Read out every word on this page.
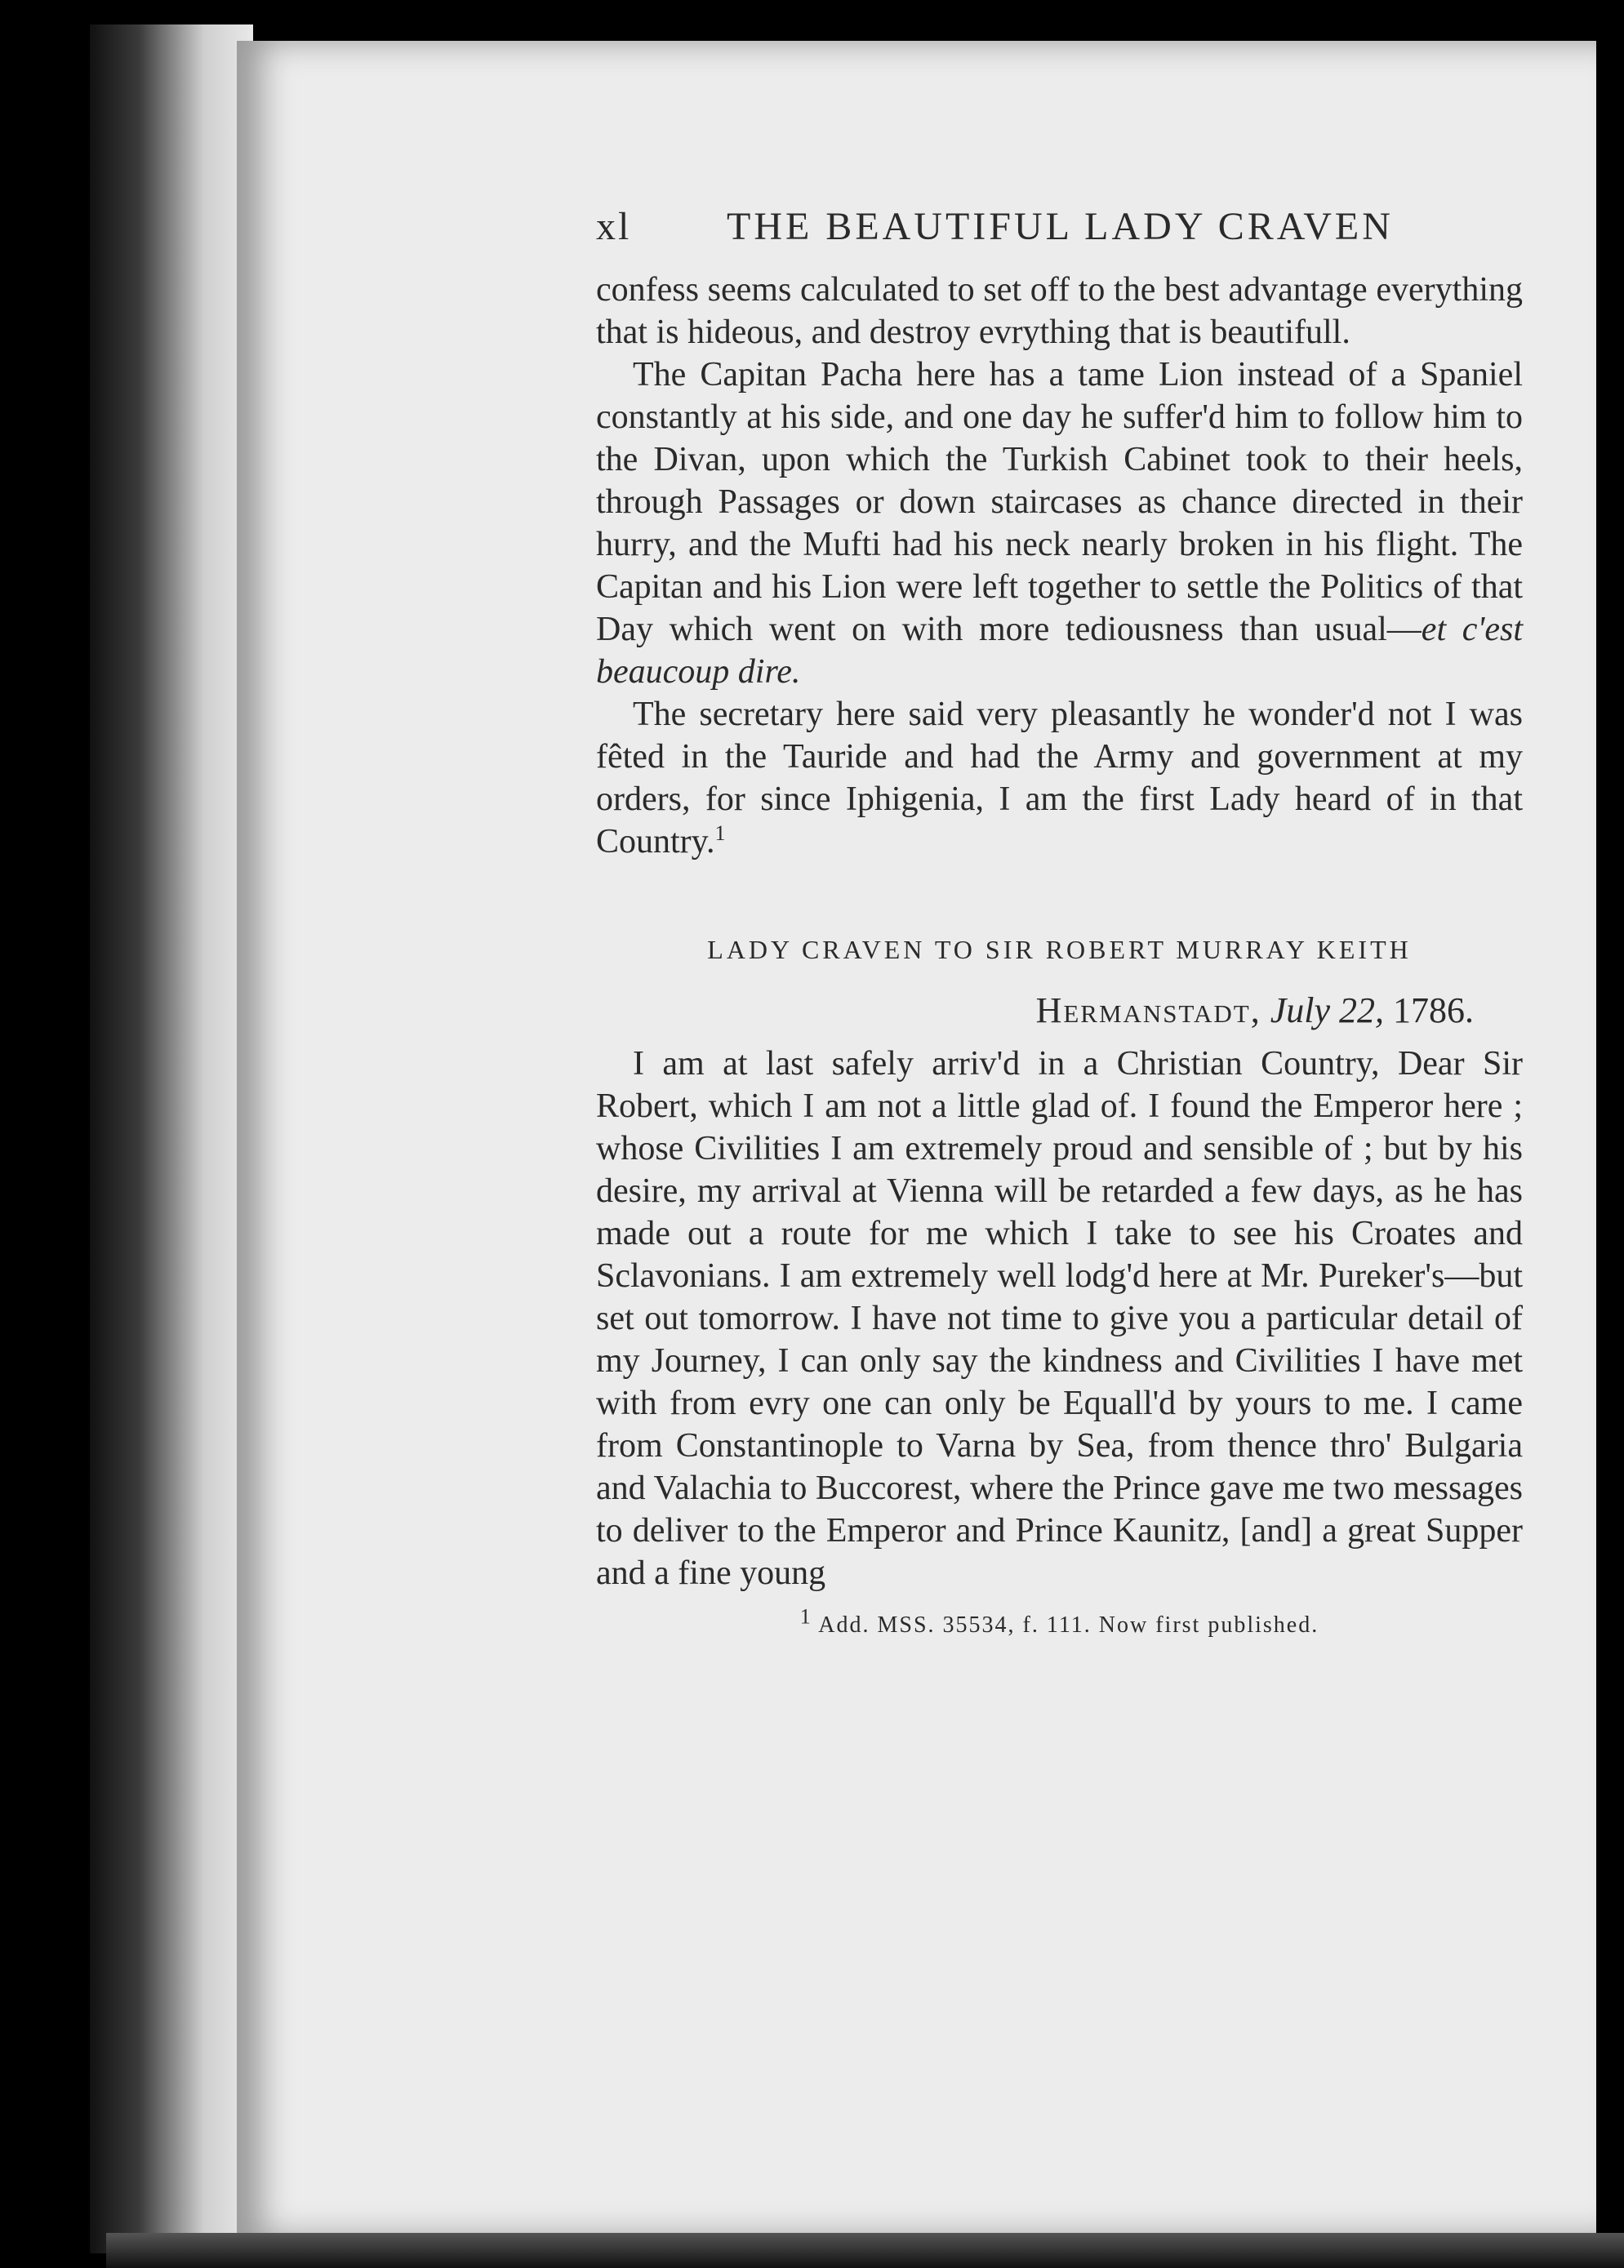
xl	THE BEAUTIFUL LADY CRAVEN

confess seems calculated to set off to the best advantage everything that is hideous, and destroy evrything that is beautifull.

The Capitan Pacha here has a tame Lion instead of a Spaniel constantly at his side, and one day he suffer'd him to follow him to the Divan, upon which the Turkish Cabinet took to their heels, through Passages or down staircases as chance directed in their hurry, and the Mufti had his neck nearly broken in his flight. The Capitan and his Lion were left together to settle the Politics of that Day which went on with more tediousness than usual—et c'est beaucoup dire.

The secretary here said very pleasantly he wonder'd not I was fêted in the Tauride and had the Army and government at my orders, for since Iphigenia, I am the first Lady heard of in that Country.$^1$

LADY CRAVEN TO SIR ROBERT MURRAY KEITH
Hermanstadt, July 22, 1786.

I am at last safely arriv'd in a Christian Country, Dear Sir Robert, which I am not a little glad of. I found the Emperor here ; whose Civilities I am extremely proud and sensible of ; but by his desire, my arrival at Vienna will be retarded a few days, as he has made out a route for me which I take to see his Croates and Sclavonians. I am extremely well lodg'd here at Mr. Pureker's—but set out tomorrow. I have not time to give you a particular detail of my Journey, I can only say the kindness and Civilities I have met with from evry one can only be Equall'd by yours to me. I came from Constantinople to Varna by Sea, from thence thro' Bulgaria and Valachia to Buccorest, where the Prince gave me two messages to deliver to the Emperor and Prince Kaunitz, [and] a great Supper and a fine young

1 Add. MSS. 35534, f. 111. Now first published.
